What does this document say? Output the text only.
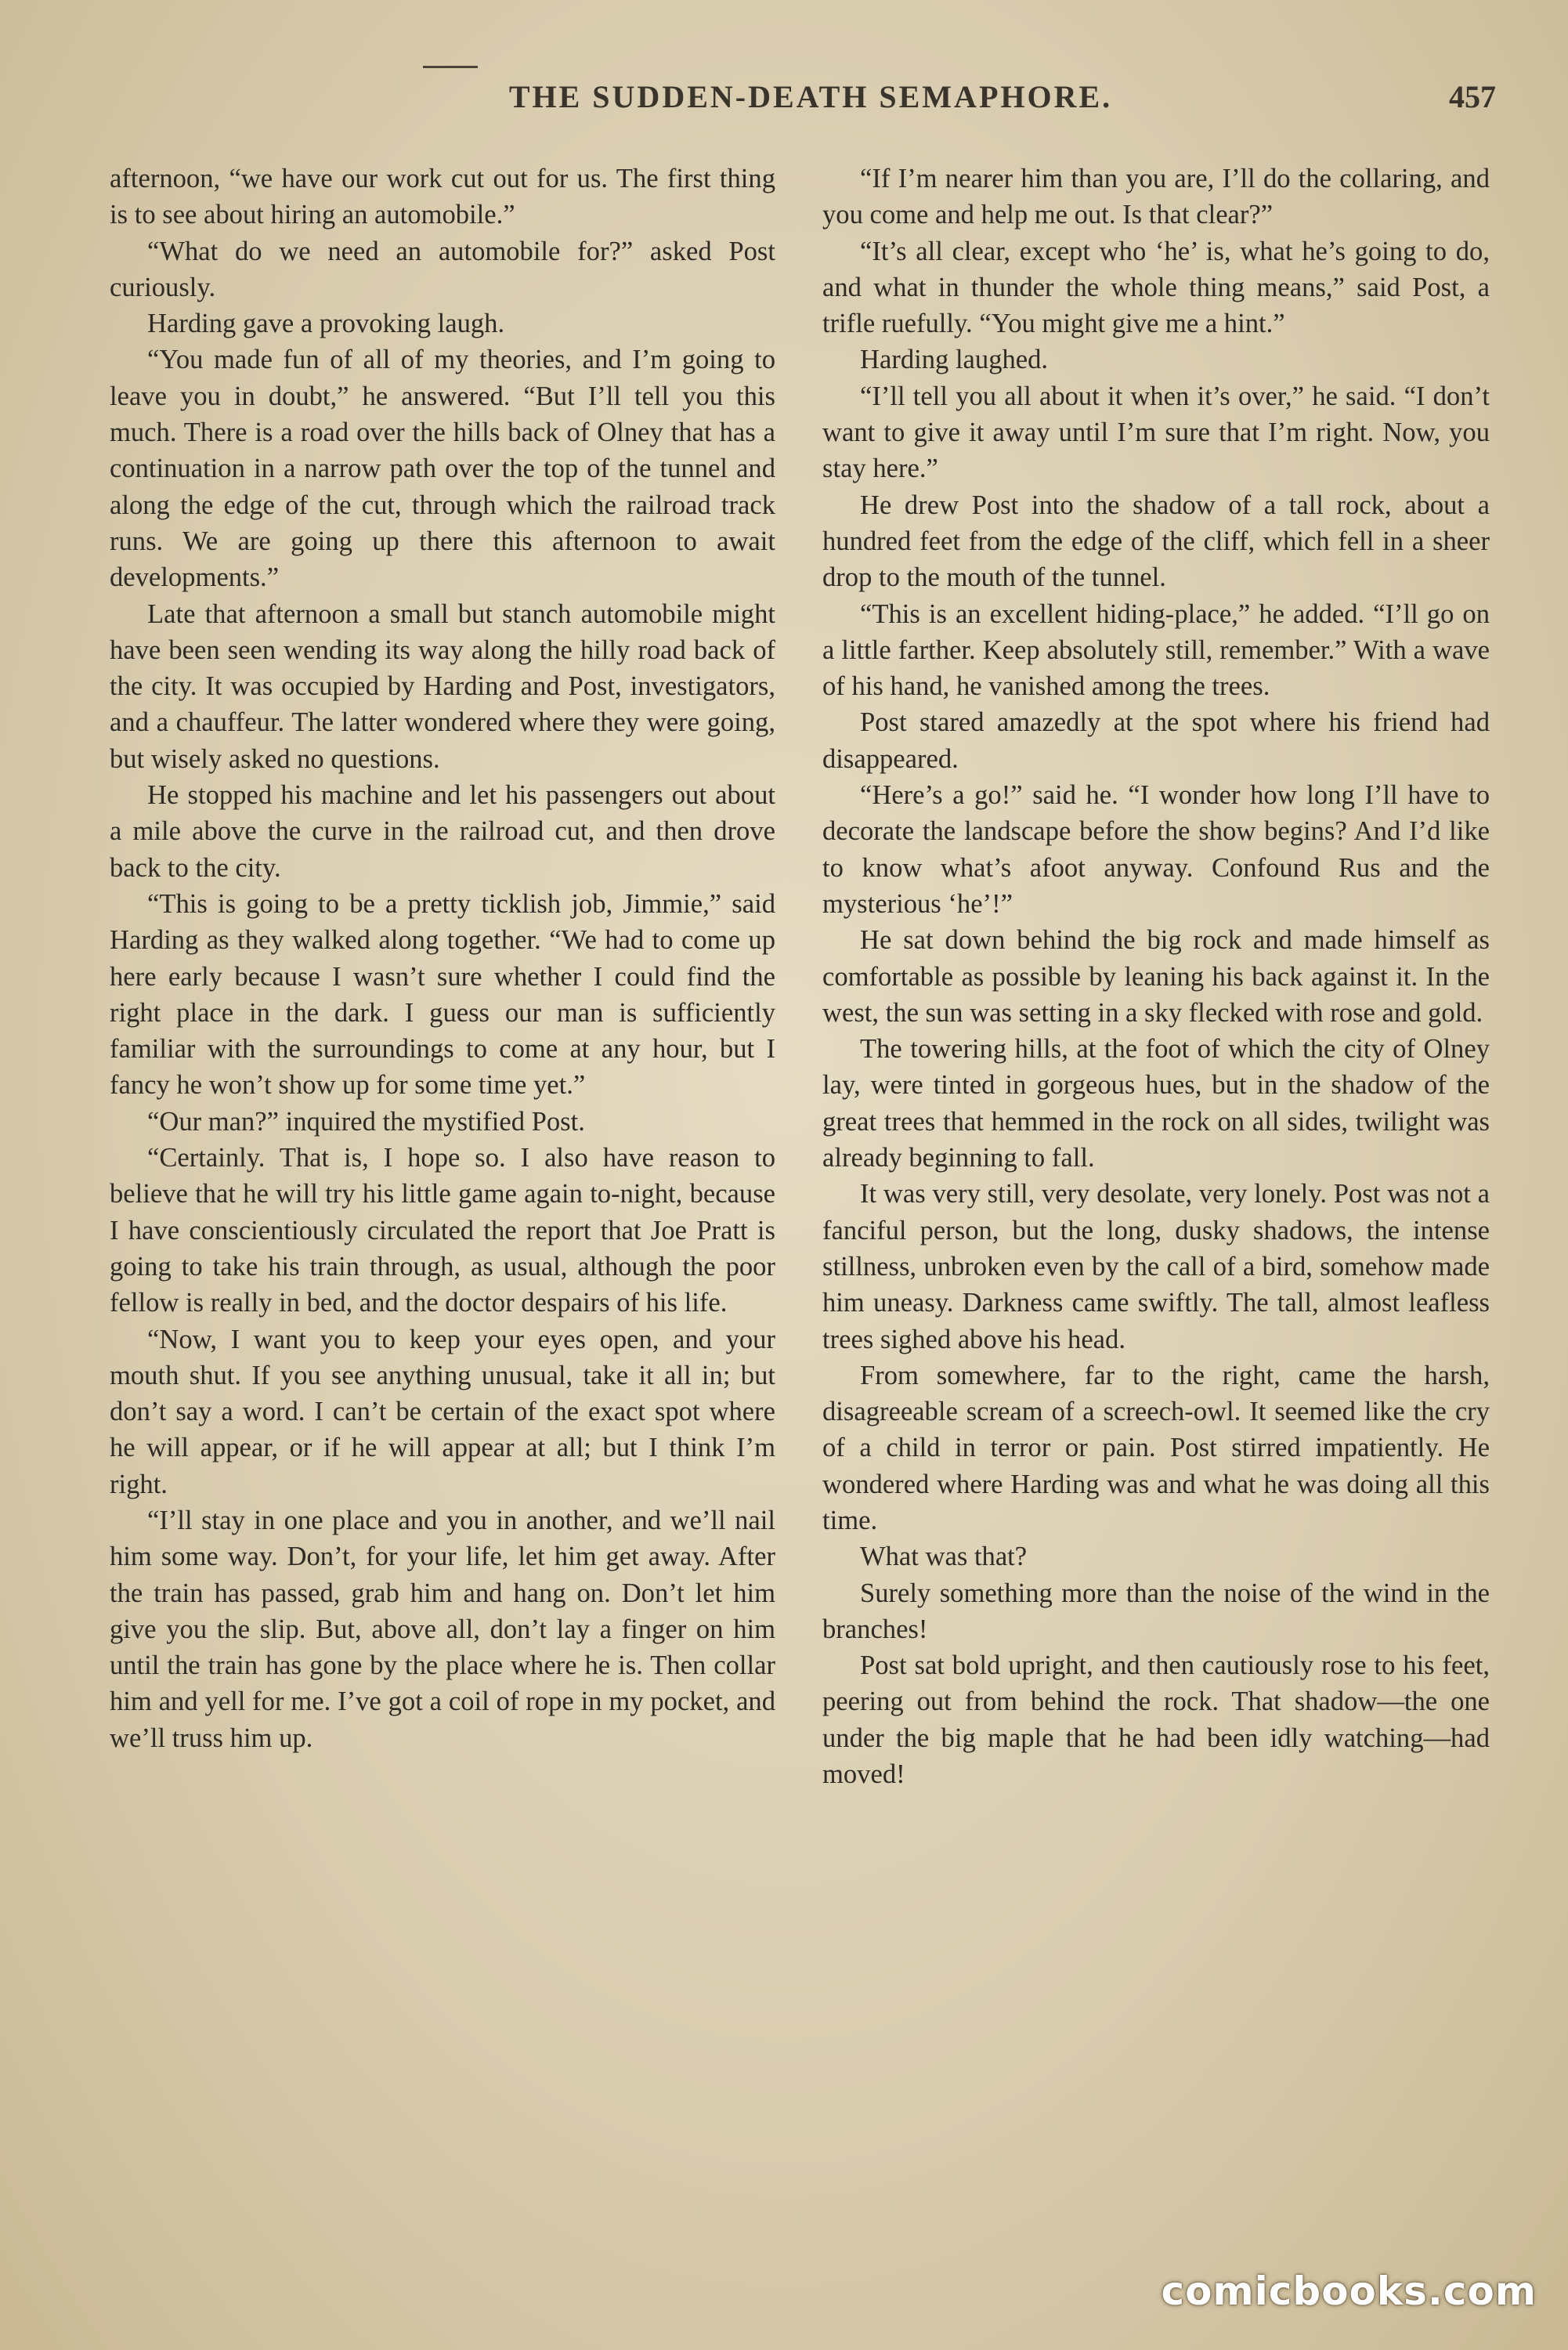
THE SUDDEN-DEATH SEMAPHORE.	457

afternoon, “we have our work cut out for us. The first thing is to see about hiring an automobile.”

“What do we need an automobile for?” asked Post curiously.

Harding gave a provoking laugh.

“You made fun of all of my theories, and I’m going to leave you in doubt,” he answered. “But I’ll tell you this much. There is a road over the hills back of Olney that has a continuation in a narrow path over the top of the tunnel and along the edge of the cut, through which the railroad track runs. We are going up there this afternoon to await developments.”

Late that afternoon a small but stanch automobile might have been seen wending its way along the hilly road back of the city. It was occupied by Harding and Post, investigators, and a chauffeur. The latter wondered where they were going, but wisely asked no questions.

He stopped his machine and let his passengers out about a mile above the curve in the railroad cut, and then drove back to the city.

“This is going to be a pretty ticklish job, Jimmie,” said Harding as they walked along together. “We had to come up here early because I wasn’t sure whether I could find the right place in the dark. I guess our man is sufficiently familiar with the surroundings to come at any hour, but I fancy he won’t show up for some time yet.”

“Our man?” inquired the mystified Post.

“Certainly. That is, I hope so. I also have reason to believe that he will try his little game again to-night, because I have conscientiously circulated the report that Joe Pratt is going to take his train through, as usual, although the poor fellow is really in bed, and the doctor despairs of his life.

“Now, I want you to keep your eyes open, and your mouth shut. If you see anything unusual, take it all in; but don’t say a word. I can’t be certain of the exact spot where he will appear, or if he will appear at all; but I think I’m right.

“I’ll stay in one place and you in another, and we’ll nail him some way. Don’t, for your life, let him get away. After the train has passed, grab him and hang on. Don’t let him give you the slip. But, above all, don’t lay a finger on him until the train has gone by the place where he is. Then collar him and yell for me. I’ve got a coil of rope in my pocket, and we’ll truss him up.

“If I’m nearer him than you are, I’ll do the collaring, and you come and help me out. Is that clear?”

“It’s all clear, except who ‘he’ is, what he’s going to do, and what in thunder the whole thing means,” said Post, a trifle ruefully. “You might give me a hint.”

Harding laughed.

“I’ll tell you all about it when it’s over,” he said. “I don’t want to give it away until I’m sure that I’m right. Now, you stay here.”

He drew Post into the shadow of a tall rock, about a hundred feet from the edge of the cliff, which fell in a sheer drop to the mouth of the tunnel.

“This is an excellent hiding-place,” he added. “I’ll go on a little farther. Keep absolutely still, remember.” With a wave of his hand, he vanished among the trees.

Post stared amazedly at the spot where his friend had disappeared.

“Here’s a go!” said he. “I wonder how long I’ll have to decorate the landscape before the show begins? And I’d like to know what’s afoot anyway. Confound Rus and the mysterious ‘he’!”

He sat down behind the big rock and made himself as comfortable as possible by leaning his back against it. In the west, the sun was setting in a sky flecked with rose and gold.

The towering hills, at the foot of which the city of Olney lay, were tinted in gorgeous hues, but in the shadow of the great trees that hemmed in the rock on all sides, twilight was already beginning to fall.

It was very still, very desolate, very lonely. Post was not a fanciful person, but the long, dusky shadows, the intense stillness, unbroken even by the call of a bird, somehow made him uneasy. Darkness came swiftly. The tall, almost leafless trees sighed above his head.

From somewhere, far to the right, came the harsh, disagreeable scream of a screech-owl. It seemed like the cry of a child in terror or pain. Post stirred impatiently. He wondered where Harding was and what he was doing all this time.

What was that?

Surely something more than the noise of the wind in the branches!

Post sat bold upright, and then cautiously rose to his feet, peering out from behind the rock. That shadow—the one under the big maple that he had been idly watching—had moved!

comicbooks.com
